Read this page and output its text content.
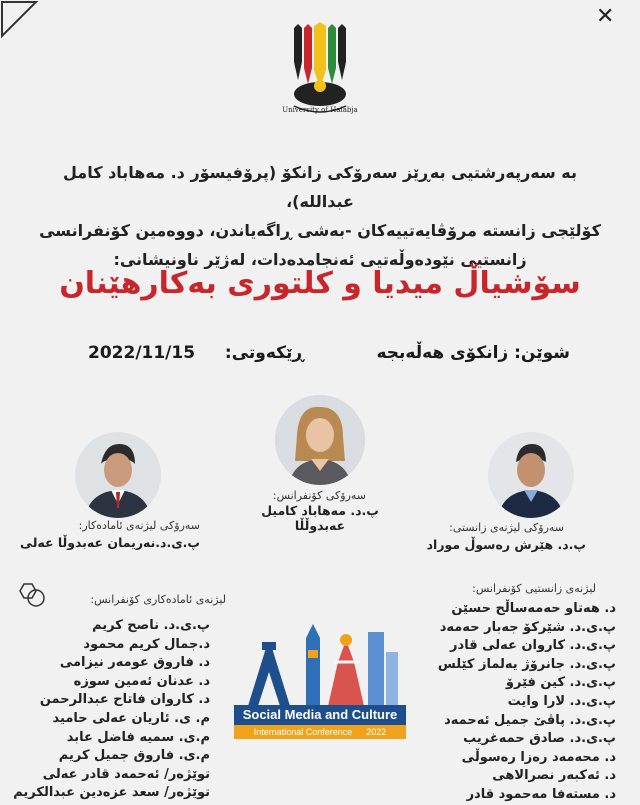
✕
University of Halabja
بە سەرپەرشتیی بەڕێز سەرۆکی زانکۆ (پرۆفیسۆر د. مەهاباد کامل عبداللە)،
کۆلێجی زانستە مرۆڤایەتییەکان -بەشی ڕاگەیاندن، دووەمین کۆنفرانسی
زانستیی نێودەوڵەتیی ئەنجامدەدات، لەژێر ناونیشانی:
سۆشیاڵ میدیا و کلتوری بەکارهێنان
شوێن: زانکۆی هەڵەبجە
ڕێکەوتی:
2022/11/15
سەرۆکی کۆنفرانس:
پ.د. مەهاباد کامیل عەبدوڵڵا
سەرۆکی لیژنەی ئامادەکار:
پ.ی.د.نەریمان عەبدوڵا عەلی
سەرۆکی لیژنەی زانستی:
پ.د. هێرش رەسوڵ موراد
لیژنەی ئامادەکاری کۆنفرانس:
پ.ی.د. ناصح کریم
د.جمال کریم محمود
د. فاروق عومەر نیزامی
د. عدنان ئەمین سوزه
د. کاروان فاتاح عبدالرحمن
م. ی. ئاریان عەلی حامید
م.ی. سمیه فاضل عابد
م.ی. فاروق جمیل کریم
توێژەر/ ئەحمەد قادر عەلی
توێژەر/ سعد عزەدین عبدالکریم
لیژنەی زانستیی کۆنفرانس:
د. هەتاو حەمەساڵح حسێن
پ.ی.د. شێرکۆ جەبار حەمەد
پ.ی.د. کاروان عەلی قادر
پ.ی.د. جانرۆژ یەلماز کێلس
پ.ی.د. کین فێرۆ
پ.ی.د. لارا وایت
پ.ی.د. پاڤێ جمیل ئەحمەد
پ.ی.د. صادق حمەغریب
د. محەمەد رەزا رەسوڵی
د. ئەکبەر نصرالاهی
د. مستەفا مەحمود قادر
Social Media and Culture
International Conference 2022
